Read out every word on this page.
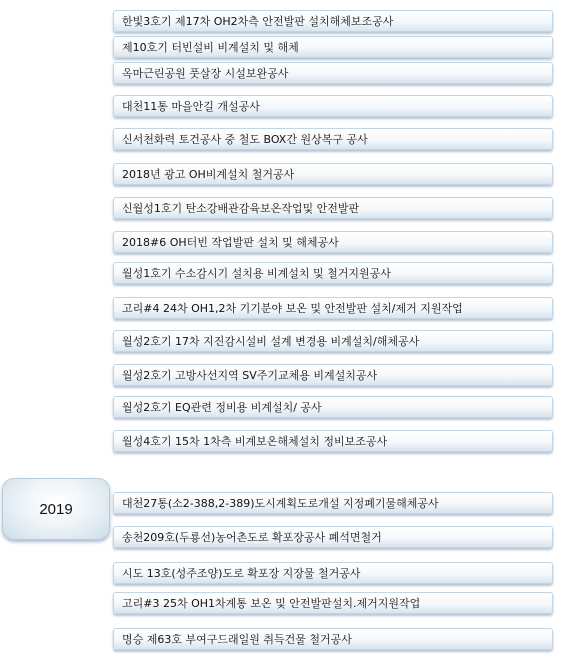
2019
한빛3호기 제17차 OH2차측 안전발판 설치해체보조공사
제10호기 터빈설비 비계설치 및 해체
옥마근린공원 풋살장 시설보완공사
대천11통 마을안길 개설공사
신서천화력 토건공사 중 철도 BOX간 원상복구 공사
2018년 광고 OH비계설치 철거공사
신월성1호기 탄소강배관감육보온작업및 안전발판
2018#6 OH터빈 작업발판 설치 및 해체공사
월성1호기 수소감시기 설치용 비계설치 및 철거지원공사
고리#4 24차 OH1,2차 기기분야 보온 및 안전발판 설치/제거 지원작업
월성2호기 17차 지진감시설비 설계 변경용 비계설치/해체공사
월성2호기 고방사선지역 SV주기교체용 비계설치공사
월성2호기 EQ관련 정비용 비계설치/ 공사
월성4호기 15차 1차측 비계보온해체설치 정비보조공사
대천27통(소2-388,2-389)도시계획도로개설 지정폐기물해체공사
송천209호(두룡선)농어촌도로 확포장공사 폐석면철거
시도 13호(성주조양)도로 확포장 지장물 철거공사
고리#3 25차 OH1차계통 보온 및 안전발판설치.제거지원작업
명승 제63호 부여구드래일원 취득건물 철거공사
